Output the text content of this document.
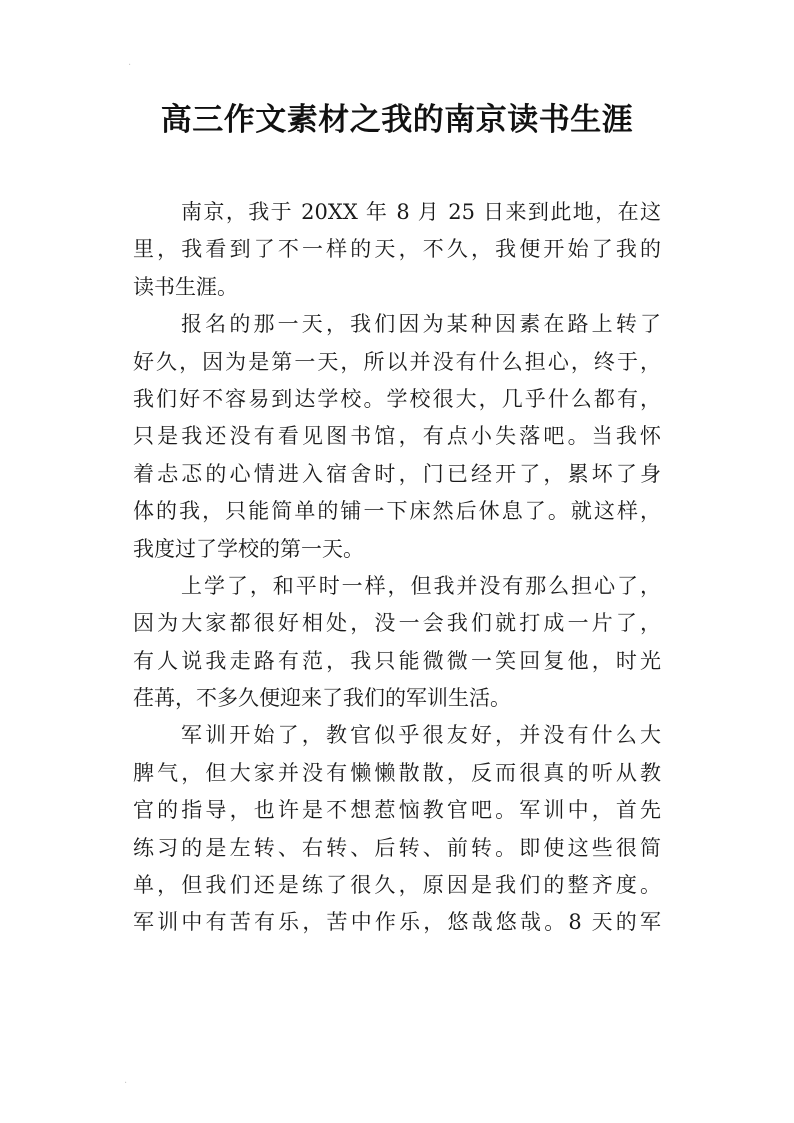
·
·
高三作文素材之我的南京读书生涯
南京，我于 20XX 年 8 月 25 日来到此地，在这
里，我看到了不一样的天，不久，我便开始了我的
读书生涯。
报名的那一天，我们因为某种因素在路上转了
好久，因为是第一天，所以并没有什么担心，终于，
我们好不容易到达学校。学校很大，几乎什么都有，
只是我还没有看见图书馆，有点小失落吧。当我怀
着忐忑的心情进入宿舍时，门已经开了，累坏了身
体的我，只能简单的铺一下床然后休息了。就这样，
我度过了学校的第一天。
上学了，和平时一样，但我并没有那么担心了，
因为大家都很好相处，没一会我们就打成一片了，
有人说我走路有范，我只能微微一笑回复他，时光
荏苒，不多久便迎来了我们的军训生活。
军训开始了，教官似乎很友好，并没有什么大
脾气，但大家并没有懒懒散散，反而很真的听从教
官的指导，也许是不想惹恼教官吧。军训中，首先
练习的是左转、右转、后转、前转。即使这些很简
单，但我们还是练了很久，原因是我们的整齐度。
军训中有苦有乐，苦中作乐，悠哉悠哉。8 天的军
